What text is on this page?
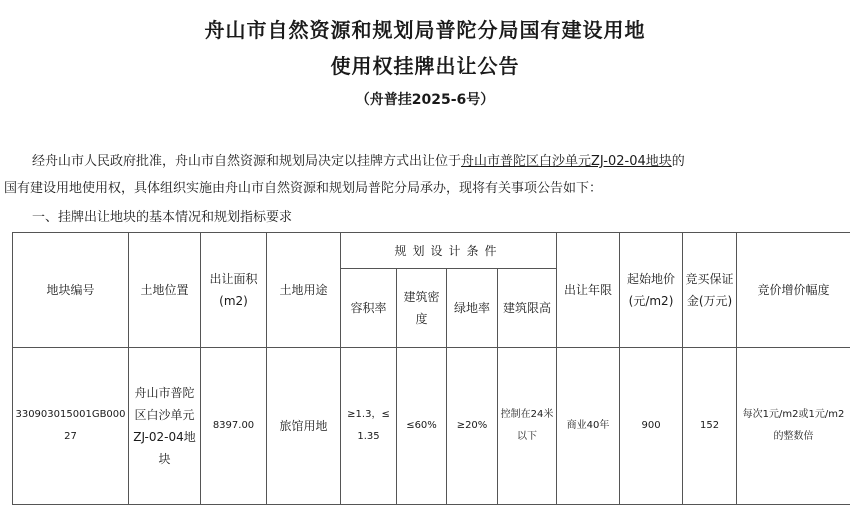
舟山市自然资源和规划局普陀分局国有建设用地
使用权挂牌出让公告
（舟普挂2025-6号）
经舟山市人民政府批准，舟山市自然资源和规划局决定以挂牌方式出让位于舟山市普陀区白沙单元ZJ-02-04地块的
国有建设用地使用权，具体组织实施由舟山市自然资源和规划局普陀分局承办，现将有关事项公告如下：
一、挂牌出让地块的基本情况和规划指标要求
地块编号	土地位置	出让面积(m2)	土地用途	规划设计条件				出让年限	起始地价(元/m2)	竞买保证金(万元)	竞价增价幅度
				容积率	建筑密度	绿地率	建筑限高				
330903015001GB00027	舟山市普陀区白沙单元ZJ-02-04地块	8397.00	旅馆用地	≥1.3，≤1.35	≤60%	≥20%	控制在24米以下	商业40年	900	152	每次1元/m2或1元/m2的整数倍
